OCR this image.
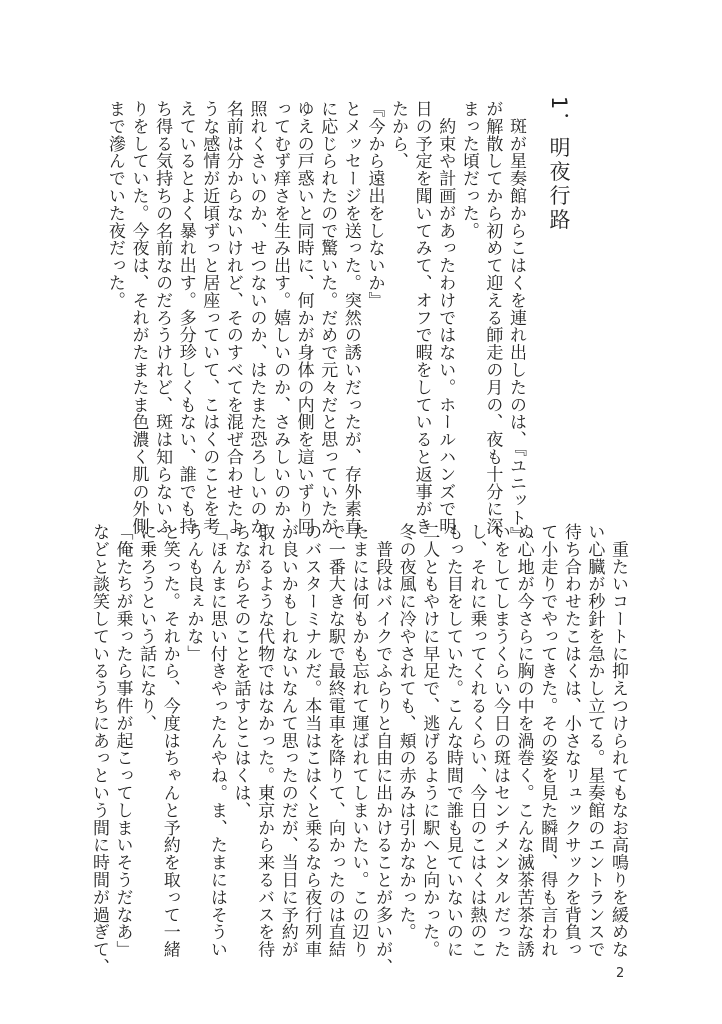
1．明夜行路
　斑が星奏館からこはくを連れ出したのは、『ユニット』
が解散してから初めて迎える師走の月の、夜も十分に深
まった頃だった。
　約束や計画があったわけではない。ホールハンズで明
日の予定を聞いてみて、オフで暇をしていると返事がき
たから、
『今から遠出をしないか』
とメッセージを送った。突然の誘いだったが、存外素直
に応じられたので驚いた。だめで元々だと思っていたが
ゆえの戸惑いと同時に、何かが身体の内側を這いずり回
ってむず痒さを生み出す。嬉しいのか、さみしいのか、
照れくさいのか、せつないのか、はたまた恐ろしいのか。
名前は分からないけれど、そのすべてを混ぜ合わせたよ
うな感情が近頃ずっと居座っていて、こはくのことを考
えているとよく暴れ出す。多分珍しくもない、誰でも持
ち得る気持ちの名前なのだろうけれど、斑は知らないふ
りをしていた。今夜は、それがたまたま色濃く肌の外側
まで滲んでいた夜だった。
　重たいコートに抑えつけられてもなお高鳴りを緩めな
い心臓が秒針を急かし立てる。星奏館のエントランスで
待ち合わせたこはくは、小さなリュックサックを背負っ
て小走りでやってきた。その姿を見た瞬間、得も言われ
ぬ心地が今さらに胸の中を渦巻く。こんな滅茶苦茶な誘
いをしてしまうくらい今日の斑はセンチメンタルだった
し、それに乗ってくれるくらい、今日のこはくは熱のこ
もった目をしていた。こんな時間で誰も見ていないのに
二人ともやけに早足で、逃げるように駅へと向かった。
冬の夜風に冷やされても、頬の赤みは引かなかった。
　普段はバイクでふらりと自由に出かけることが多いが、
たまには何もかも忘れて運ばれてしまいたい。この辺り
で一番大きな駅で最終電車を降りて、向かったのは直結
のバスターミナルだ。本当はこはくと乗るなら夜行列車
が良いかもしれないなんて思ったのだが、当日に予約が
取れるような代物ではなかった。東京から来るバスを待
ちながらそのことを話すとこはくは、
「ほんまに思い付きやったんやね。ま、たまにはそうい
うんも良ぇかな」
と笑った。それから、今度はちゃんと予約を取って一緒
に乗ろうという話になり、
「俺たちが乗ったら事件が起こってしまいそうだなあ」
などと談笑しているうちにあっという間に時間が過ぎて、	2
